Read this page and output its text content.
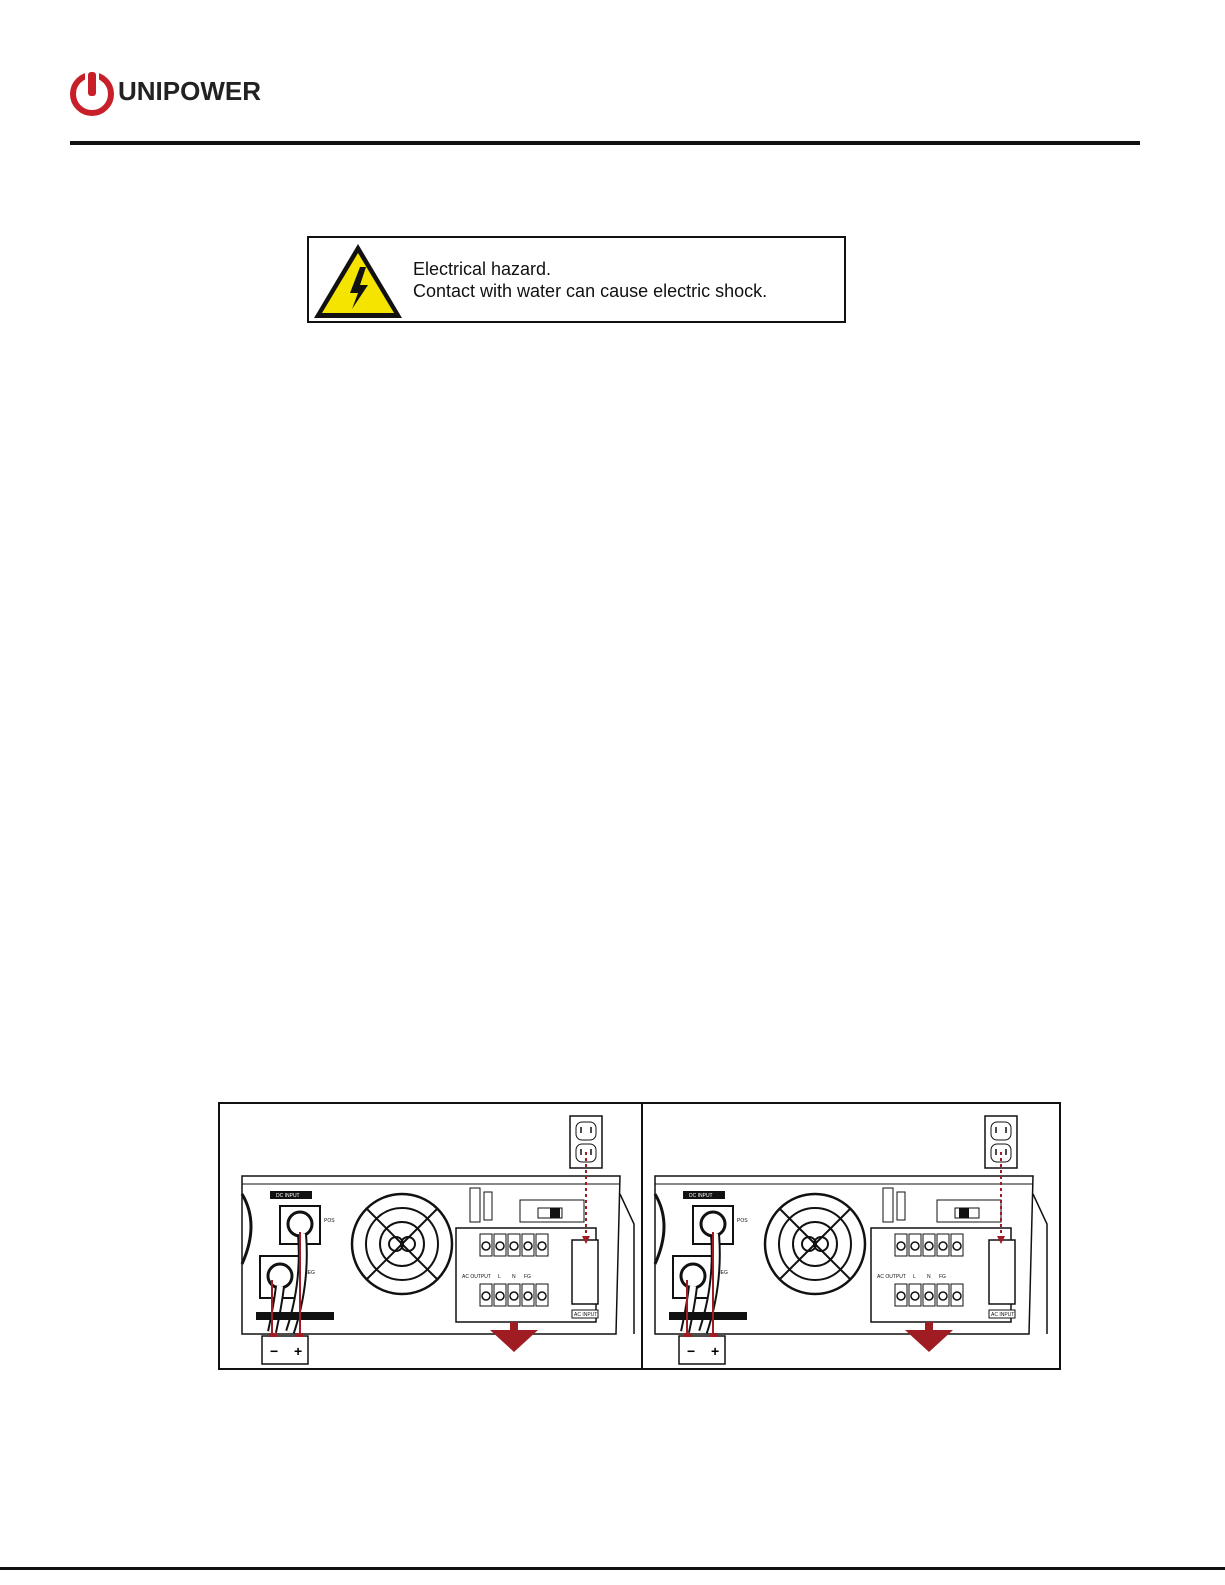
UNIPOWER
Electrical hazard.
Contact with water can cause electric shock.
DC INPUT
POS
NEG
AC OUTPUT L N FG
AC INPUT
− +
DC INPUT
POS
NEG
AC OUTPUT L N FG
AC INPUT
− +
